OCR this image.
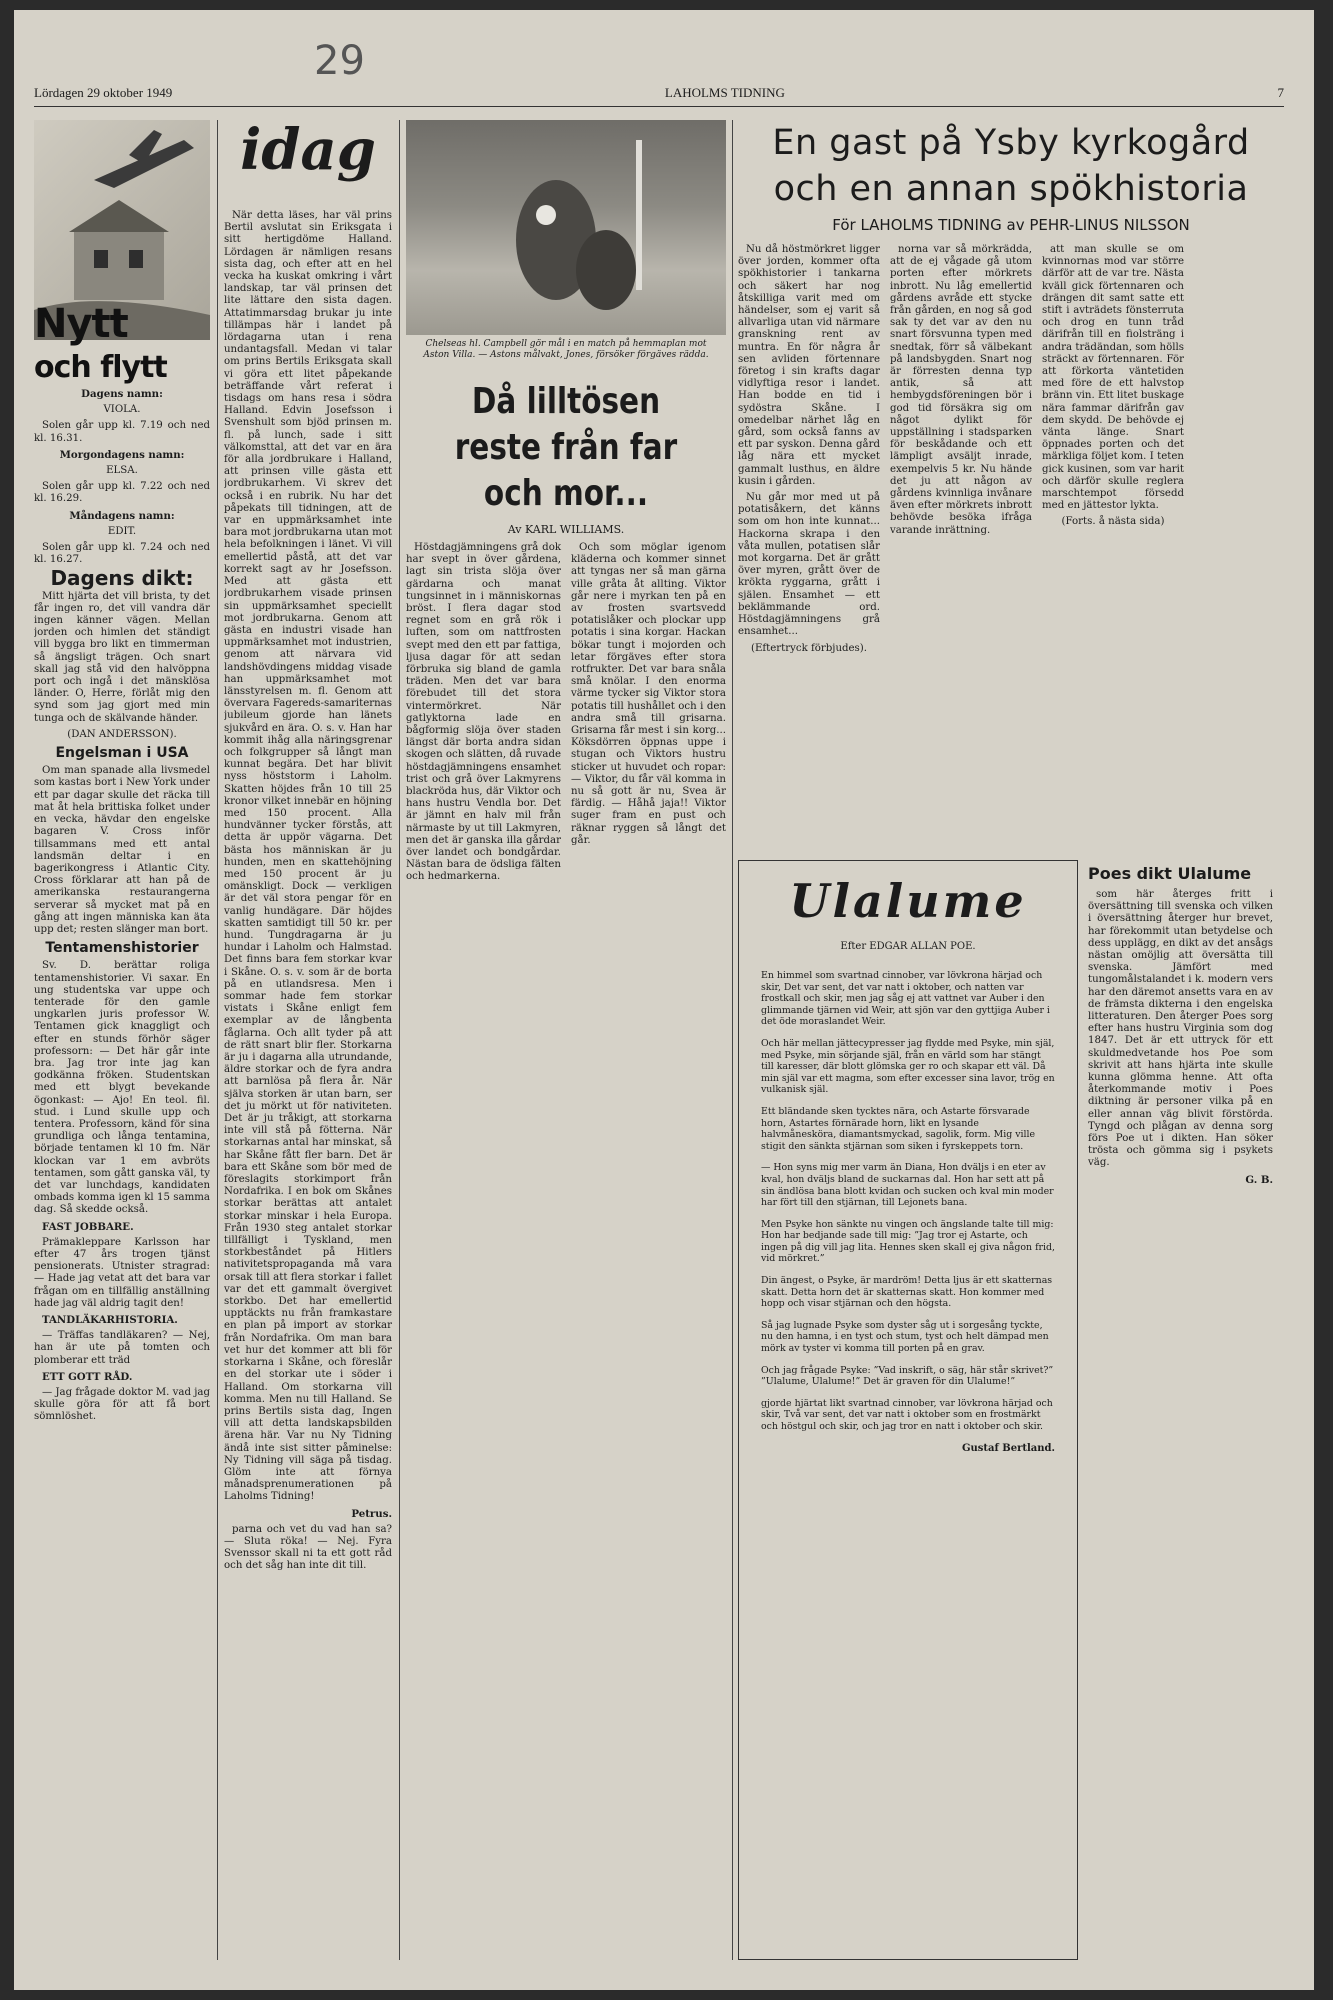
29
Lördagen 29 oktober 1949	LAHOLMS TIDNING	7
Nytt
och flytt

Dagens namn:

VIOLA.

Solen går upp kl. 7.19 och ned kl. 16.31.

Morgondagens namn:

ELSA.

Solen går upp kl. 7.22 och ned kl. 16.29.

Måndagens namn:

EDIT.

Solen går upp kl. 7.24 och ned kl. 16.27.

Dagens dikt:

Mitt hjärta det vill brista, ty det får ingen ro, det vill vandra där ingen känner vägen. Mellan jorden och himlen det ständigt vill bygga bro likt en timmerman så ängsligt trägen. Och snart skall jag stå vid den halvöppna port och ingå i det mänsklösa länder. O, Herre, förlåt mig den synd som jag gjort med min tunga och de skälvande händer.

(DAN ANDERSSON).

Engelsman i USA

Om man spanade alla livsmedel som kastas bort i New York under ett par dagar skulle det räcka till mat åt hela brittiska folket under en vecka, hävdar den engelske bagaren V. Cross inför tillsammans med ett antal landsmän deltar i en bagerikongress i Atlantic City. Cross förklarar att han på de amerikanska restaurangerna serverar så mycket mat på en gång att ingen människa kan äta upp det; resten slänger man bort.

Tentamenshistorier

Sv. D. berättar roliga tentamenshistorier. Vi saxar. En ung studentska var uppe och tenterade för den gamle ungkarlen juris professor W. Tentamen gick knaggligt och efter en stunds förhör säger professorn: — Det här går inte bra. Jag tror inte jag kan godkänna fröken. Studentskan med ett blygt bevekande ögonkast: — Ajo! En teol. fil. stud. i Lund skulle upp och tentera. Professorn, känd för sina grundliga och långa tentamina, började tentamen kl 10 fm. När klockan var 1 em avbröts tentamen, som gått ganska väl, ty det var lunchdags, kandidaten ombads komma igen kl 15 samma dag. Så skedde också.

FAST JOBBARE.

Prämakleppare Karlsson har efter 47 års trogen tjänst pensionerats. Utnister stragrad: — Hade jag vetat att det bara var frågan om en tillfällig anställning hade jag väl aldrig tagit den!

TANDLÄKARHISTORIA.

— Träffas tandläkaren? — Nej, han är ute på tomten och plomberar ett träd

ETT GOTT RÅD.

— Jag frågade doktor M. vad jag skulle göra för att få bort sömnlöshet.

idag

När detta läses, har väl prins Bertil avslutat sin Eriksgata i sitt hertigdöme Halland. Lördagen är nämligen resans sista dag, och efter att en hel vecka ha kuskat omkring i vårt landskap, tar väl prinsen det lite lättare den sista dagen. Attatimmarsdag brukar ju inte tillämpas här i landet på lördagarna utan i rena undantagsfall. Medan vi talar om prins Bertils Eriksgata skall vi göra ett litet påpekande beträffande vårt referat i tisdags om hans resa i södra Halland. Edvin Josefsson i Svenshult som bjöd prinsen m. fl. på lunch, sade i sitt välkomsttal, att det var en ära för alla jordbrukare i Halland, att prinsen ville gästa ett jordbrukarhem. Vi skrev det också i en rubrik. Nu har det påpekats till tidningen, att de var en uppmärksamhet inte bara mot jordbrukarna utan mot hela befolkningen i länet. Vi vill emellertid påstå, att det var korrekt sagt av hr Josefsson. Med att gästa ett jordbrukarhem visade prinsen sin uppmärksamhet speciellt mot jordbrukarna. Genom att gästa en industri visade han uppmärksamhet mot industrien, genom att närvara vid landshövdingens middag visade han uppmärksamhet mot länsstyrelsen m. fl. Genom att övervara Fagereds-samariternas jubileum gjorde han länets sjukvård en ära. O. s. v. Han har kommit ihåg alla näringsgrenar och folkgrupper så långt man kunnat begära. Det har blivit nyss höststorm i Laholm. Skatten höjdes från 10 till 25 kronor vilket innebär en höjning med 150 procent. Alla hundvänner tycker förstås, att detta är uppör vägarna. Det bästa hos människan är ju hunden, men en skattehöjning med 150 procent är ju omänskligt. Dock — verkligen är det väl stora pengar för en vanlig hundägare. Där höjdes skatten samtidigt till 50 kr. per hund. Tungdragarna är ju hundar i Laholm och Halmstad. Det finns bara fem storkar kvar i Skåne. O. s. v. som är de borta på en utlandsresa. Men i sommar hade fem storkar vistats i Skåne enligt fem exemplar av de långbenta fåglarna. Och allt tyder på att de rätt snart blir fler. Storkarna är ju i dagarna alla utrundande, äldre storkar och de fyra andra att barnlösa på flera år. När själva storken är utan barn, ser det ju mörkt ut för nativiteten. Det är ju tråkigt, att storkarna inte vill stå på fötterna. När storkarnas antal har minskat, så har Skåne fått fler barn. Det är bara ett Skåne som bör med de föreslagits storkimport från Nordafrika. I en bok om Skånes storkar berättas att antalet storkar minskar i hela Europa. Från 1930 steg antalet storkar tillfälligt i Tyskland, men storkbeståndet på Hitlers nativitetspropaganda må vara orsak till att flera storkar i fallet var det ett gammalt övergivet storkbo. Det har emellertid upptäckts nu från framkastare en plan på import av storkar från Nordafrika. Om man bara vet hur det kommer att bli för storkarna i Skåne, och föreslår en del storkar ute i söder i Halland. Om storkarna vill komma. Men nu till Halland. Se prins Bertils sista dag, Ingen vill att detta landskapsbilden ärena här. Var nu Ny Tidning ändå inte sist sitter påminelse: Ny Tidning vill säga på tisdag. Glöm inte att förnya månadsprenumerationen på Laholms Tidning!

Petrus.

parna och vet du vad han sa? — Sluta röka! — Nej. Fyra Svenssor skall ni ta ett gott råd och det såg han inte dit till.

Chelseas hl. Campbell gör mål i en match på hemmaplan mot Aston Villa. — Astons målvakt, Jones, försöker förgäves rädda.
Då lilltösen reste från far och mor...
Av KARL WILLIAMS.

Höstdagjämningens grå dok har svept in över gårdena, lagt sin trista slöja över gärdarna och manat tungsinnet in i människornas bröst. I flera dagar stod regnet som en grå rök i luften, som om nattfrosten svept med den ett par fattiga, ljusa dagar för att sedan förbruka sig bland de gamla träden. Men det var bara förebudet till det stora vintermörkret. När gatlyktorna lade en bågformig slöja över staden längst där borta andra sidan skogen och slätten, då ruvade höstdagjämningens ensamhet trist och grå över Lakmyrens blackröda hus, där Viktor och hans hustru Vendla bor. Det är jämnt en halv mil från närmaste by ut till Lakmyren, men det är ganska illa gårdar över landet och bondgårdar. Nästan bara de ödsliga fälten och hedmarkerna.

Och som möglar igenom kläderna och kommer sinnet att tyngas ner så man gärna ville gråta åt allting. Viktor går nere i myrkan ten på en av frosten svartsvedd potatislåker och plockar upp potatis i sina korgar. Hackan bökar tungt i mojorden och letar förgäves efter stora rotfrukter. Det var bara snåla små knölar. I den enorma värme tycker sig Viktor stora potatis till hushållet och i den andra små till grisarna. Grisarna får mest i sin korg... Köksdörren öppnas uppe i stugan och Viktors hustru sticker ut huvudet och ropar: — Viktor, du får väl komma in nu så gott är nu, Svea är färdig. — Håhå jaja!! Viktor suger fram en pust och räknar ryggen så långt det går.

En gast på Ysby kyrkogård
och en annan spökhistoria
För LAHOLMS TIDNING av PEHR-LINUS NILSSON

Nu då höstmörkret ligger över jorden, kommer ofta spökhistorier i tankarna och säkert har nog åtskilliga varit med om händelser, som ej varit så allvarliga utan vid närmare granskning rent av muntra. En för några år sen avliden förtennare företog i sin krafts dagar vidlyftiga resor i landet. Han bodde en tid i sydöstra Skåne. I omedelbar närhet låg en gård, som också fanns av ett par syskon. Denna gård låg nära ett mycket gammalt lusthus, en äldre kusin i gården.

Nu går mor med ut på potatisåkern, det känns som om hon inte kunnat... Hackorna skrapa i den våta mullen, potatisen slår mot korgarna. Det är grått över myren, grått över de kröktа ryggarna, grått i själen. Ensamhet — ett beklämmande ord. Höstdagjämningens grå ensamhet...

(Eftertryck förbjudes).

norna var så mörkrädda, att de ej vågade gå utom porten efter mörkrets inbrott. Nu låg emellertid gårdens avråde ett stycke från gården, en nog så god sak ty det var av den nu snart försvunna typen med snedtak, förr så välbekant på landsbygden. Snart nog är förresten denna typ antik, så att hembygdsföreningen bör i god tid försäkra sig om något dylikt för uppställning i stadsparken för beskådande och ett lämpligt avsäljt inrade, exempelvis 5 kr. Nu hände det ju att någon av gårdens kvinnliga invånare även efter mörkrets inbrott behövde besöka ifråga varande inrättning.

att man skulle se om kvinnornas mod var större därför att de var tre. Nästa kväll gick förtennaren och drängen dit samt satte ett stift i avträdets fönsterruta och drog en tunn tråd därifrån till en fiolsträng i andra trädändan, som hölls sträckt av förtennaren. För att förkorta väntetiden med före de ett halvstop bränn vin. Ett litet buskage nära fammar därifrån gav dem skydd. De behövde ej vänta länge. Snart öppnades porten och det märkliga följet kom. I teten gick kusinen, som var harit och därför skulle reglera marschtempot försedd med en jättestor lykta.

(Forts. å nästa sida)

Ulalume
Efter EDGAR ALLAN POE.

En himmel som svartnad cinnober, var lövkrona härjad och skir, Det var sent, det var natt i oktober, och natten var frostkall och skir, men jag såg ej att vattnet var Auber i den glimmande tjärnen vid Weir, att sjön var den gyttjiga Auber i det öde moraslandet Weir.

Och här mellan jättecypresser jag flydde med Psyke, min själ, med Psyke, min sörjande själ, från en värld som har stängt till karesser, där blott glömska ger ro och skapar ett väl. Då min själ var ett magma, som efter excesser sina lavor, trög en vulkanisk själ.

Ett bländande sken tycktes nära, och Astarte försvarade horn, Astartes förnärade horn, likt en lysande halvmånesköra, diamantsmyckad, sagolik, form. Mig ville stigit den sänkta stjärnan som siken i fyrskeppets torn.

— Hon syns mig mer varm än Diana, Hon dväljs i en eter av kval, hon dväljs bland de suckarnas dal. Hon har sett att på sin ändlösa bana blott kvidan och sucken och kval min moder har fört till den stjärnan, till Lejonets bana.

Men Psyke hon sänkte nu vingen och ängslande talte till mig: Hon har bedjande sade till mig: ”Jag tror ej Astarte, och ingen på dig vill jag litа. Hennes sken skall ej giva någon frid, vid mörkret.”

Din ängest, o Psyke, är mardröm! Detta ljus är ett skatternas skatt. Detta horn det är skatternas skatt. Hon kommer med hopp och visar stjärnan och den högsta.

Så jag lugnade Psyke som dyster såg ut i sorgesång tyckte, nu den hamna, i en tyst och stum, tyst och helt dämpad men mörk av tyster vi komma till porten på en grav.

Och jag frågade Psyke: ”Vad inskrift, o säg, här står skrivet?” ”Ulalume, Ulalume!” Det är graven för din Ulalume!”

gjorde hjärtat likt svartnad cinnober, var lövkrona härjad och skir, Två var sent, det var natt i oktober som en frostmärkt och höstgul och skir, och jag tror en natt i oktober och skir.

Gustaf Bertland.
Poes dikt Ulalume

som här återges fritt i översättning till svenska och vilken i översättning återger hur brevet, har förekommit utan betydelse och dess upplägg, en dikt av det ansågs nästan omöjlig att översätta till svenska. Jämfört med tungomålstalandet i k. modern vers har den däremot ansetts vara en av de främsta dikterna i den engelska litteraturen. Den återger Poes sorg efter hans hustru Virginia som dog 1847. Det är ett uttryck för ett skuldmedvetande hos Poe som skrivit att hans hjärta inte skulle kunna glömma henne. Att ofta återkommande motiv i Poes diktning är personer vilka på en eller annan väg blivit förstörda. Tyngd och plågan av denna sorg förs Poe ut i dikten. Han söker trösta och gömma sig i psykets väg.

G. B.
